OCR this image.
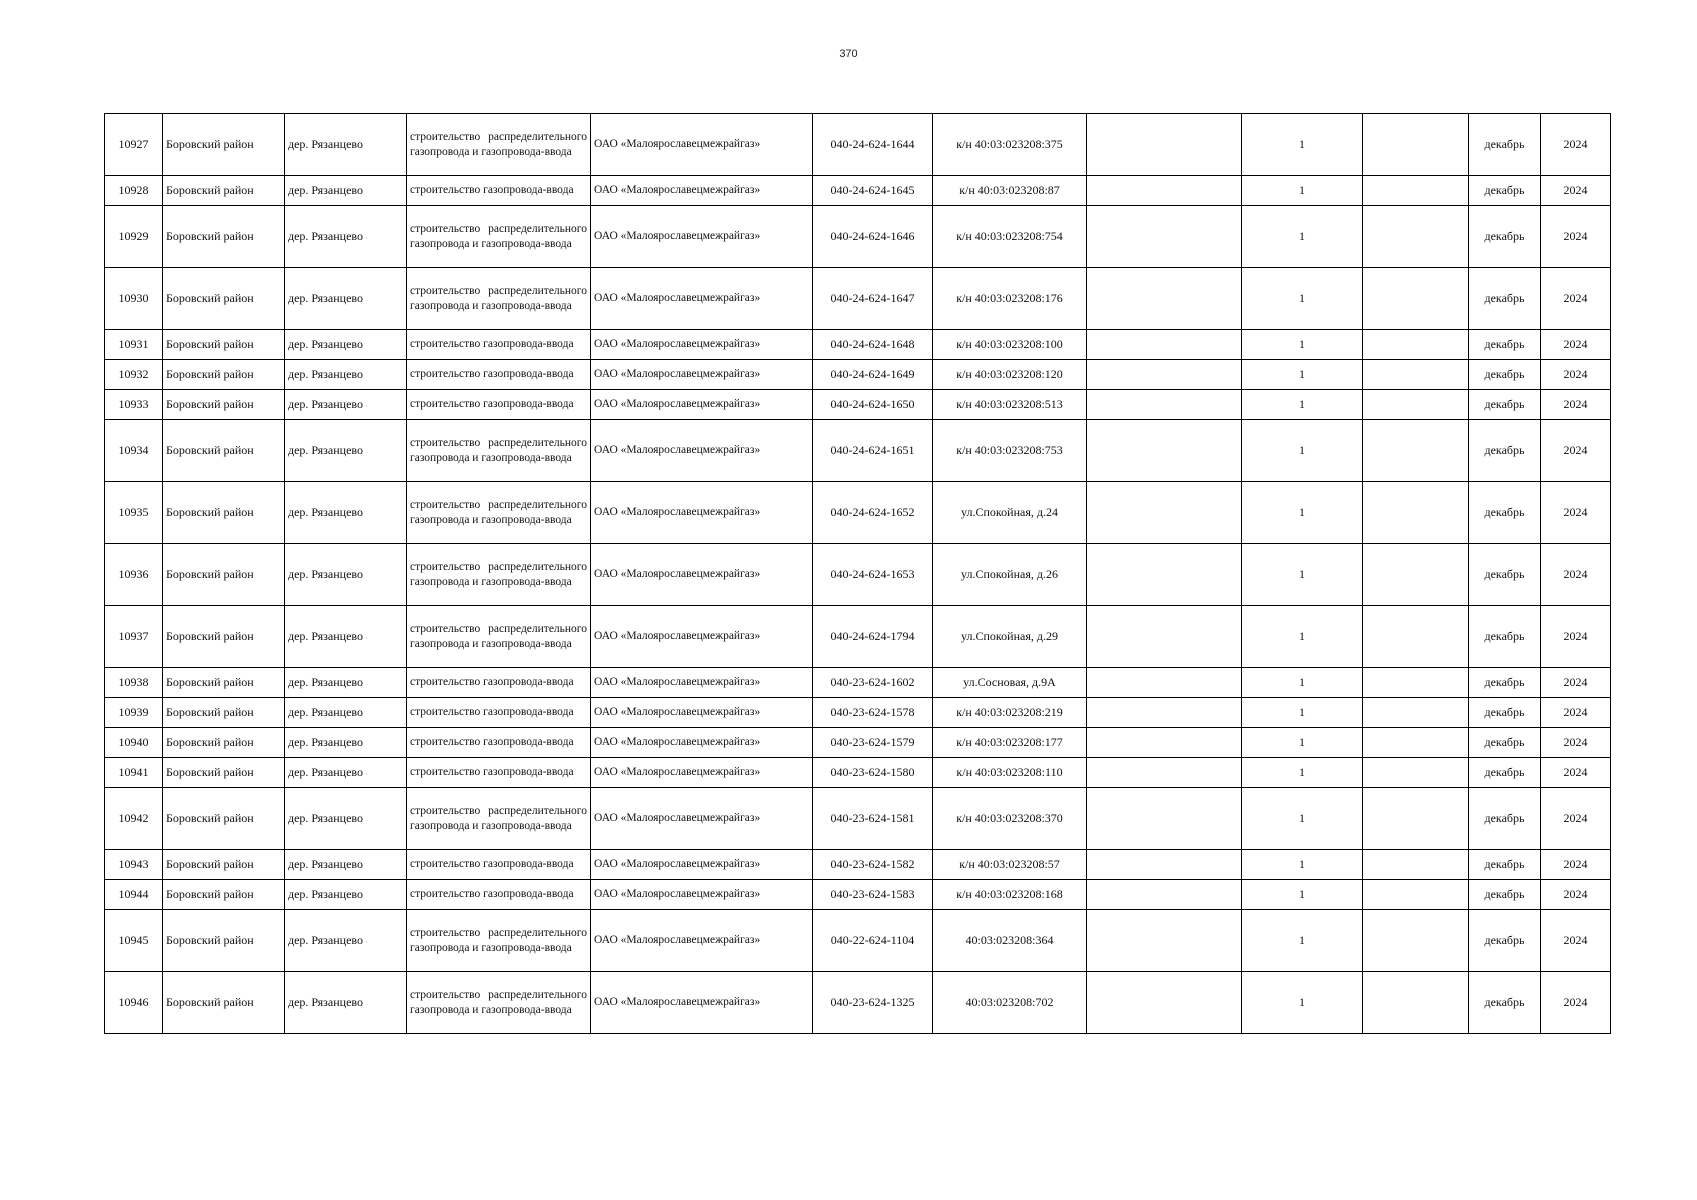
370
10927	Боровский район	дер. Рязанцево	строительство распределительного газопровода и газопровода-ввода	ОАО «Малоярославецмежрайгаз»	040-24-624-1644	к/н 40:03:023208:375		1		декабрь	2024
10928	Боровский район	дер. Рязанцево	строительство газопровода-ввода	ОАО «Малоярославецмежрайгаз»	040-24-624-1645	к/н 40:03:023208:87		1		декабрь	2024
10929	Боровский район	дер. Рязанцево	строительство распределительного газопровода и газопровода-ввода	ОАО «Малоярославецмежрайгаз»	040-24-624-1646	к/н 40:03:023208:754		1		декабрь	2024
10930	Боровский район	дер. Рязанцево	строительство распределительного газопровода и газопровода-ввода	ОАО «Малоярославецмежрайгаз»	040-24-624-1647	к/н 40:03:023208:176		1		декабрь	2024
10931	Боровский район	дер. Рязанцево	строительство газопровода-ввода	ОАО «Малоярославецмежрайгаз»	040-24-624-1648	к/н 40:03:023208:100		1		декабрь	2024
10932	Боровский район	дер. Рязанцево	строительство газопровода-ввода	ОАО «Малоярославецмежрайгаз»	040-24-624-1649	к/н 40:03:023208:120		1		декабрь	2024
10933	Боровский район	дер. Рязанцево	строительство газопровода-ввода	ОАО «Малоярославецмежрайгаз»	040-24-624-1650	к/н 40:03:023208:513		1		декабрь	2024
10934	Боровский район	дер. Рязанцево	строительство распределительного газопровода и газопровода-ввода	ОАО «Малоярославецмежрайгаз»	040-24-624-1651	к/н 40:03:023208:753		1		декабрь	2024
10935	Боровский район	дер. Рязанцево	строительство распределительного газопровода и газопровода-ввода	ОАО «Малоярославецмежрайгаз»	040-24-624-1652	ул.Спокойная, д.24		1		декабрь	2024
10936	Боровский район	дер. Рязанцево	строительство распределительного газопровода и газопровода-ввода	ОАО «Малоярославецмежрайгаз»	040-24-624-1653	ул.Спокойная, д.26		1		декабрь	2024
10937	Боровский район	дер. Рязанцево	строительство распределительного газопровода и газопровода-ввода	ОАО «Малоярославецмежрайгаз»	040-24-624-1794	ул.Спокойная, д.29		1		декабрь	2024
10938	Боровский район	дер. Рязанцево	строительство газопровода-ввода	ОАО «Малоярославецмежрайгаз»	040-23-624-1602	ул.Сосновая, д.9А		1		декабрь	2024
10939	Боровский район	дер. Рязанцево	строительство газопровода-ввода	ОАО «Малоярославецмежрайгаз»	040-23-624-1578	к/н 40:03:023208:219		1		декабрь	2024
10940	Боровский район	дер. Рязанцево	строительство газопровода-ввода	ОАО «Малоярославецмежрайгаз»	040-23-624-1579	к/н 40:03:023208:177		1		декабрь	2024
10941	Боровский район	дер. Рязанцево	строительство газопровода-ввода	ОАО «Малоярославецмежрайгаз»	040-23-624-1580	к/н 40:03:023208:110		1		декабрь	2024
10942	Боровский район	дер. Рязанцево	строительство распределительного газопровода и газопровода-ввода	ОАО «Малоярославецмежрайгаз»	040-23-624-1581	к/н 40:03:023208:370		1		декабрь	2024
10943	Боровский район	дер. Рязанцево	строительство газопровода-ввода	ОАО «Малоярославецмежрайгаз»	040-23-624-1582	к/н 40:03:023208:57		1		декабрь	2024
10944	Боровский район	дер. Рязанцево	строительство газопровода-ввода	ОАО «Малоярославецмежрайгаз»	040-23-624-1583	к/н 40:03:023208:168		1		декабрь	2024
10945	Боровский район	дер. Рязанцево	строительство распределительного газопровода и газопровода-ввода	ОАО «Малоярославецмежрайгаз»	040-22-624-1104	40:03:023208:364		1		декабрь	2024
10946	Боровский район	дер. Рязанцево	строительство распределительного газопровода и газопровода-ввода	ОАО «Малоярославецмежрайгаз»	040-23-624-1325	40:03:023208:702		1		декабрь	2024
